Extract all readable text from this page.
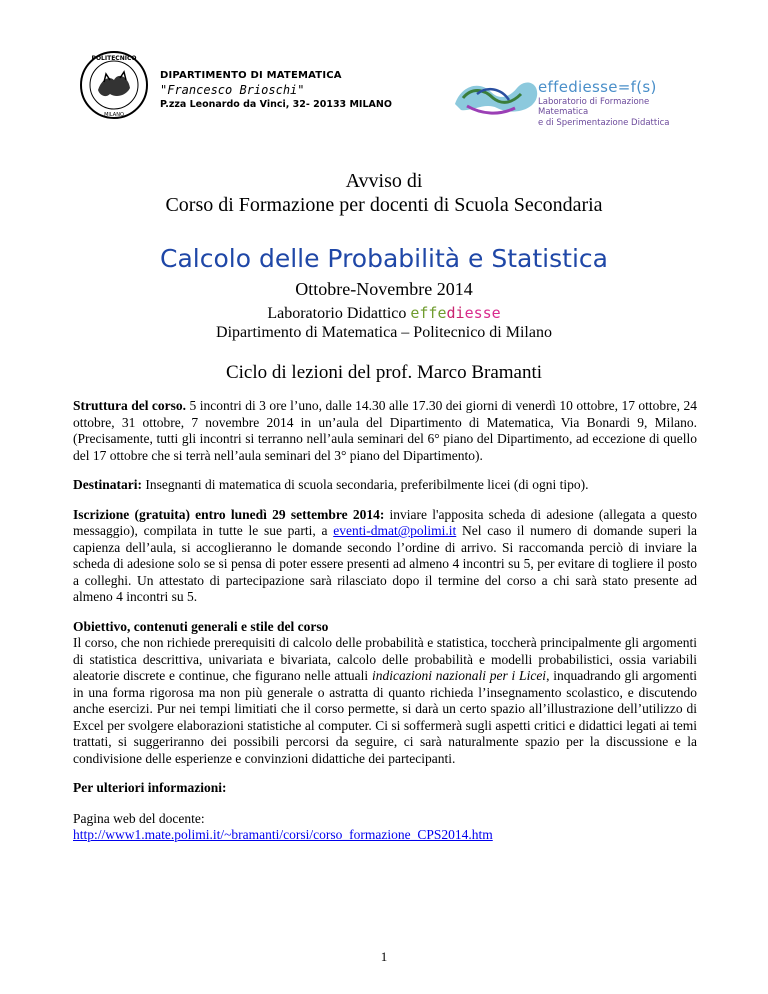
POLITECNICO
MILANO
DIPARTIMENTO DI MATEMATICA
"Francesco Brioschi"
P.zza Leonardo da Vinci, 32- 20133 MILANO
effediesse=f(s)
Laboratorio di Formazione Matematica
e di Sperimentazione Didattica
Avviso di
Corso di Formazione per docenti di Scuola Secondaria
Calcolo delle Probabilità e Statistica
Ottobre-Novembre 2014
Laboratorio Didattico effediesse
Dipartimento di Matematica – Politecnico di Milano
Ciclo di lezioni del prof. Marco Bramanti

Struttura del corso. 5 incontri di 3 ore l’uno, dalle 14.30 alle 17.30 dei giorni di venerdì 10 ottobre, 17 ottobre, 24 ottobre, 31 ottobre, 7 novembre 2014 in un’aula del Dipartimento di Matematica, Via Bonardi 9, Milano. (Precisamente, tutti gli incontri si terranno nell’aula seminari del 6° piano del Dipartimento, ad eccezione di quello del 17 ottobre che si terrà nell’aula seminari del 3° piano del Dipartimento).

Destinatari: Insegnanti di matematica di scuola secondaria, preferibilmente licei (di ogni tipo).

Iscrizione (gratuita) entro lunedì 29 settembre 2014: inviare l'apposita scheda di adesione (allegata a questo messaggio), compilata in tutte le sue parti, a eventi-dmat@polimi.it Nel caso il numero di domande superi la capienza dell’aula, si accoglieranno le domande secondo l’ordine di arrivo. Si raccomanda perciò di inviare la scheda di adesione solo se si pensa di poter essere presenti ad almeno 4 incontri su 5, per evitare di togliere il posto a colleghi. Un attestato di partecipazione sarà rilasciato dopo il termine del corso a chi sarà stato presente ad almeno 4 incontri su 5.

Obiettivo, contenuti generali e stile del corso
Il corso, che non richiede prerequisiti di calcolo delle probabilità e statistica, toccherà principalmente gli argomenti di statistica descrittiva, univariata e bivariata, calcolo delle probabilità e modelli probabilistici, ossia variabili aleatorie discrete e continue, che figurano nelle attuali indicazioni nazionali per i Licei, inquadrando gli argomenti in una forma rigorosa ma non più generale o astratta di quanto richieda l’insegnamento scolastico, e discutendo anche esercizi. Pur nei tempi limitiati che il corso permette, si darà un certo spazio all’illustrazione dell’utilizzo di Excel per svolgere elaborazioni statistiche al computer. Ci si soffermerà sugli aspetti critici e didattici legati ai temi trattati, si suggeriranno dei possibili percorsi da seguire, ci sarà naturalmente spazio per la discussione e la condivisione delle esperienze e convinzioni didattiche dei partecipanti.

Per ulteriori informazioni:

Pagina web del docente:
http://www1.mate.polimi.it/~bramanti/corsi/corso_formazione_CPS2014.htm

1
